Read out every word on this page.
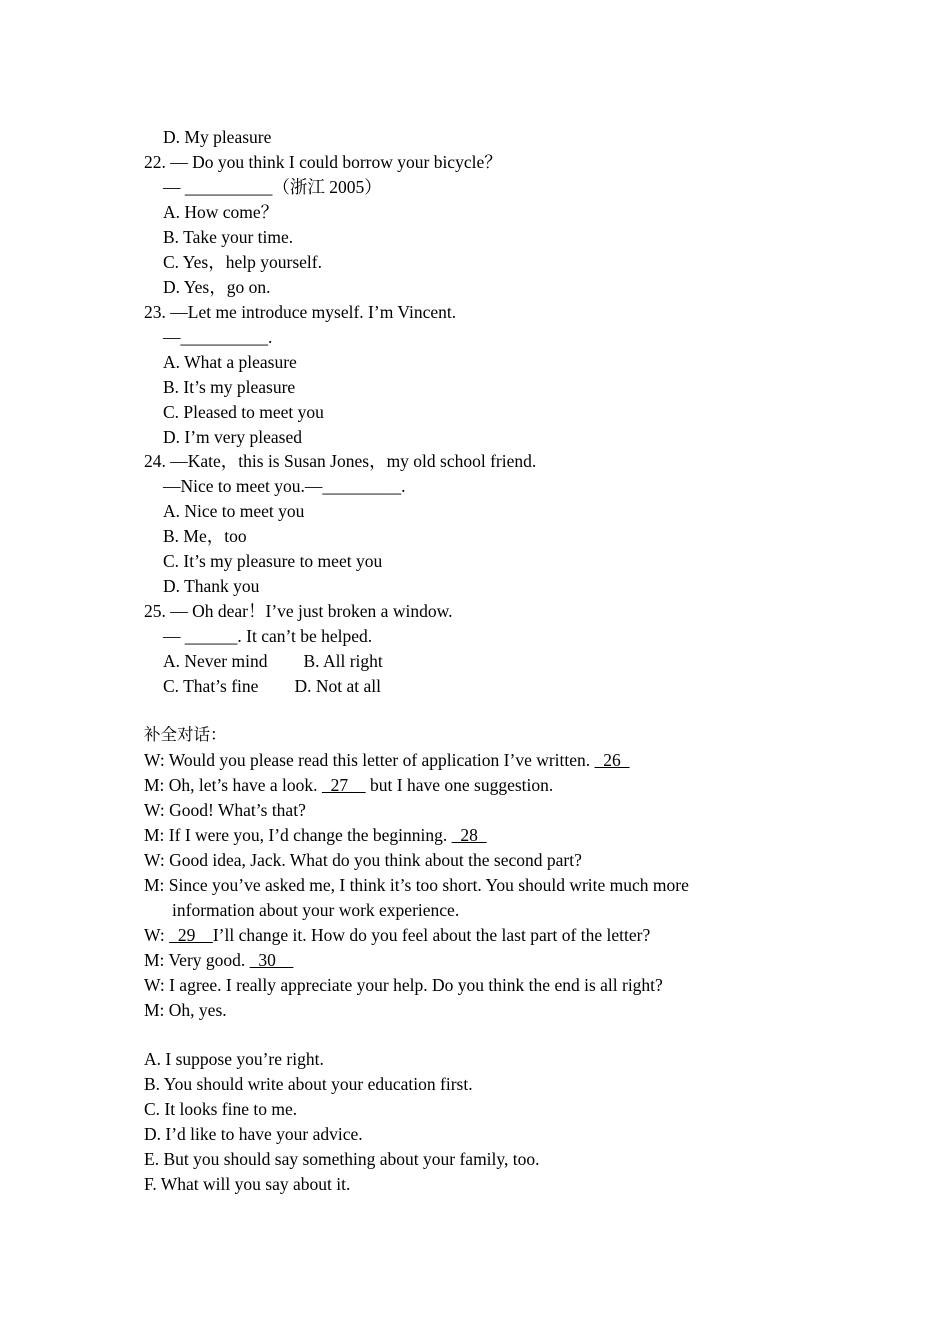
D. My pleasure
22. — Do you think I could borrow your bicycle？
— __________（浙江 2005）
A. How come？
B. Take your time.
C. Yes，help yourself.
D. Yes，go on.
23. —Let me introduce myself. I’m Vincent.
—__________.
A. What a pleasure
B. It’s my pleasure
C. Pleased to meet you
D. I’m very pleased
24. —Kate，this is Susan Jones，my old school friend.
—Nice to meet you.—_________.
A. Nice to meet you
B. Me，too
C. It’s my pleasure to meet you
D. Thank you
25. — Oh dear！I’ve just broken a window.
— ______. It can’t be helped.
A. Never mind B. All right
C. That’s fine D. Not at all
补全对话：
W: Would you please read this letter of application I’ve written.   26
M: Oh, let’s have a look.   27     but I have one suggestion.
W: Good! What’s that?
M: If I were you, I’d change the beginning.   28
W: Good idea, Jack. What do you think about the second part?
M: Since you’ve asked me, I think it’s too short. You should write much more
information about your work experience.
W:   29    I’ll change it. How do you feel about the last part of the letter?
M: Very good.   30
W: I agree. I really appreciate your help. Do you think the end is all right?
M: Oh, yes.
A. I suppose you’re right.
B. You should write about your education first.
C. It looks fine to me.
D. I’d like to have your advice.
E. But you should say something about your family, too.
F. What will you say about it.
